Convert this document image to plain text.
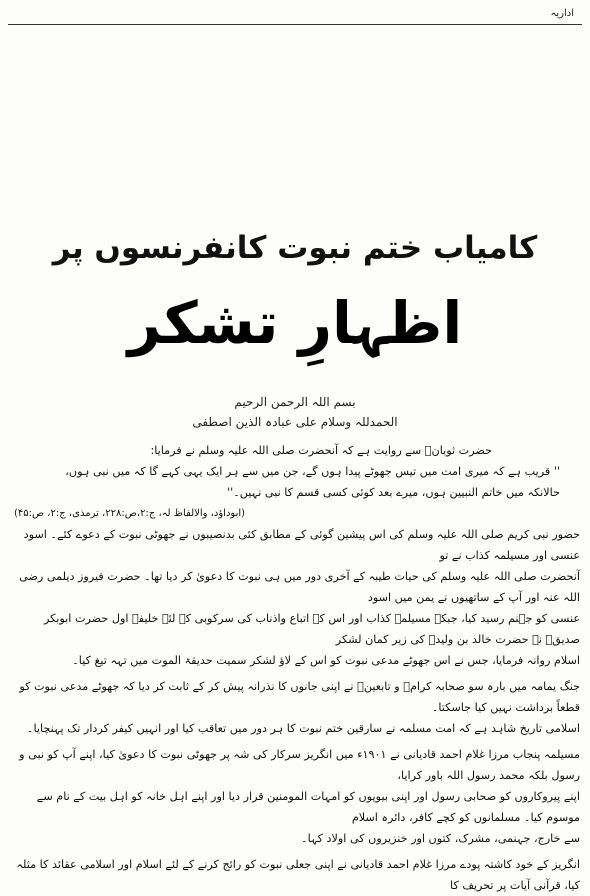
اداریہ
کامیاب ختم نبوت کانفرنسوں پر
اظہارِ تشکر
بسم اللہ الرحمن الرحیم
الحمدللہ وسلام علی عبادہ الذین اصطفی

حضرت ثوبانؓ سے روایت ہے کہ آنحضرت صلی اللہ علیہ وسلم نے فرمایا:

'' قریب ہے کہ میری امت میں تیس جھوٹے پیدا ہوں گے، جن میں سے ہر ایک یہی کہے گا کہ میں نبی ہوں،

حالانکہ میں خاتم النبیین ہوں، میرے بعد کوئی کسی قسم کا نبی نہیں۔''

(ابوداؤد، والالفاظ لہ، ج:۲،ص:۲۲۸، ترمذی، ج:۲، ص:۴۵)

حضور نبی کریم صلی اللہ علیہ وسلم کی اس پیشین گوئی کے مطابق کئی بدنصیبوں نے جھوٹی نبوت کے دعوے کئے۔ اسود عنسی اور مسیلمہ کذاب نے تو

آنحضرت صلی اللہ علیہ وسلم کی حیات طیبہ کے آخری دور میں ہی نبوت کا دعویٰ کر دیا تھا۔ حضرت فیروز دیلمی رضی اللہ عنہ اور آپ کے ساتھیوں نے یمن میں اسود

عنسی کو جہنم رسید کیا، جبکہ مسیلمہ کذاب اور اس کے اتباع واذناب کی سرکوبی کے لئے خلیفہ اول حضرت ابوبکر صدیقؓ نے حضرت خالد بن ولیدؓ کی زیر کمان لشکر

اسلام روانہ فرمایا، جس نے اس جھوٹے مدعی نبوت کو اس کے لاؤ لشکر سمیت حدیقۃ الموت میں تہہ تیغ کیا۔

جنگ یمامہ میں بارہ سو صحابہ کرامؓ و تابعینؒ نے اپنی جانوں کا نذرانہ پیش کر کے ثابت کر دیا کہ جھوٹے مدعی نبوت کو قطعاً برداشت نہیں کیا جاسکتا۔

اسلامی تاریخ شاہد ہے کہ امت مسلمہ نے سارقین ختم نبوت کا ہر دور میں تعاقب کیا اور انہیں کیفر کردار تک پہنچایا۔

مسیلمہ پنجاب مرزا غلام احمد قادیانی نے ۱۹۰۱ء میں انگریز سرکار کی شہ پر جھوٹی نبوت کا دعویٰ کیا، اپنے آپ کو نبی و رسول بلکہ محمد رسول اللہ باور کرایا،

اپنے پیروکاروں کو صحابی رسول اور اپنی بیویوں کو امہات المومنین قرار دیا اور اپنے اہل خانہ کو اہل بیت کے نام سے موسوم کیا۔ مسلمانوں کو کچے کافر، دائرہ اسلام

سے خارج، جہنمی، مشرک، کتوں اور خنزیروں کی اولاد کہا۔

انگریز کے خود کاشتہ پودے مرزا غلام احمد قادیانی نے اپنی جعلی نبوت کو رائج کرنے کے لئے اسلام اور اسلامی عقائد کا مثلہ کیا، قرآنی آیات پر تحریف کا
